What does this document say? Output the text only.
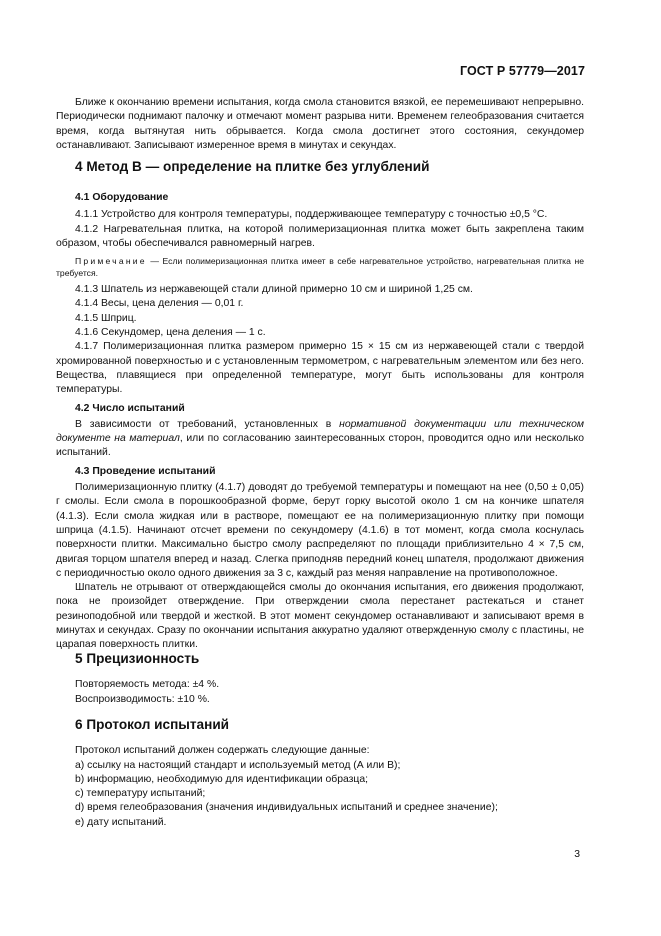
ГОСТ Р 57779—2017

Ближе к окончанию времени испытания, когда смола становится вязкой, ее перемешивают непрерывно. Периодически поднимают палочку и отмечают момент разрыва нити. Временем гелеобразования считается время, когда вытянутая нить обрывается. Когда смола достигнет этого состояния, секундомер останавливают. Записывают измеренное время в минутах и секундах.

4 Метод В — определение на плитке без углублений

4.1 Оборудование

4.1.1 Устройство для контроля температуры, поддерживающее температуру с точностью ±0,5 °С.

4.1.2 Нагревательная плитка, на которой полимеризационная плитка может быть закреплена таким образом, чтобы обеспечивался равномерный нагрев.

Примечание — Если полимеризационная плитка имеет в себе нагревательное устройство, нагревательная плитка не требуется.

4.1.3 Шпатель из нержавеющей стали длиной примерно 10 см и шириной 1,25 см.

4.1.4 Весы, цена деления — 0,01 г.

4.1.5 Шприц.

4.1.6 Секундомер, цена деления — 1 с.

4.1.7 Полимеризационная плитка размером примерно 15 × 15 см из нержавеющей стали с твердой хромированной поверхностью и с установленным термометром, с нагревательным элементом или без него. Вещества, плавящиеся при определенной температуре, могут быть использованы для контроля температуры.

4.2 Число испытаний

В зависимости от требований, установленных в нормативной документации или техническом документе на материал, или по согласованию заинтересованных сторон, проводится одно или несколько испытаний.

4.3 Проведение испытаний

Полимеризационную плитку (4.1.7) доводят до требуемой температуры и помещают на нее (0,50 ± 0,05) г смолы. Если смола в порошкообразной форме, берут горку высотой около 1 см на кончике шпателя (4.1.3). Если смола жидкая или в растворе, помещают ее на полимеризационную плитку при помощи шприца (4.1.5). Начинают отсчет времени по секундомеру (4.1.6) в тот момент, когда смола коснулась поверхности плитки. Максимально быстро смолу распределяют по площади приблизительно 4 × 7,5 см, двигая торцом шпателя вперед и назад. Слегка приподняв передний конец шпателя, продолжают движения с периодичностью около одного движения за 3 с, каждый раз меняя направление на противоположное.

Шпатель не отрывают от отверждающейся смолы до окончания испытания, его движения продолжают, пока не произойдет отверждение. При отверждении смола перестанет растекаться и станет резиноподобной или твердой и жесткой. В этот момент секундомер останавливают и записывают время в минутах и секундах. Сразу по окончании испытания аккуратно удаляют отвержденную смолу с пластины, не царапая поверхность плитки.

5 Прецизионность

Повторяемость метода: ±4 %.

Воспроизводимость: ±10 %.

6 Протокол испытаний

Протокол испытаний должен содержать следующие данные:

a) ссылку на настоящий стандарт и используемый метод (А или В);

b) информацию, необходимую для идентификации образца;

c) температуру испытаний;

d) время гелеобразования (значения индивидуальных испытаний и среднее значение);

e) дату испытаний.

3
